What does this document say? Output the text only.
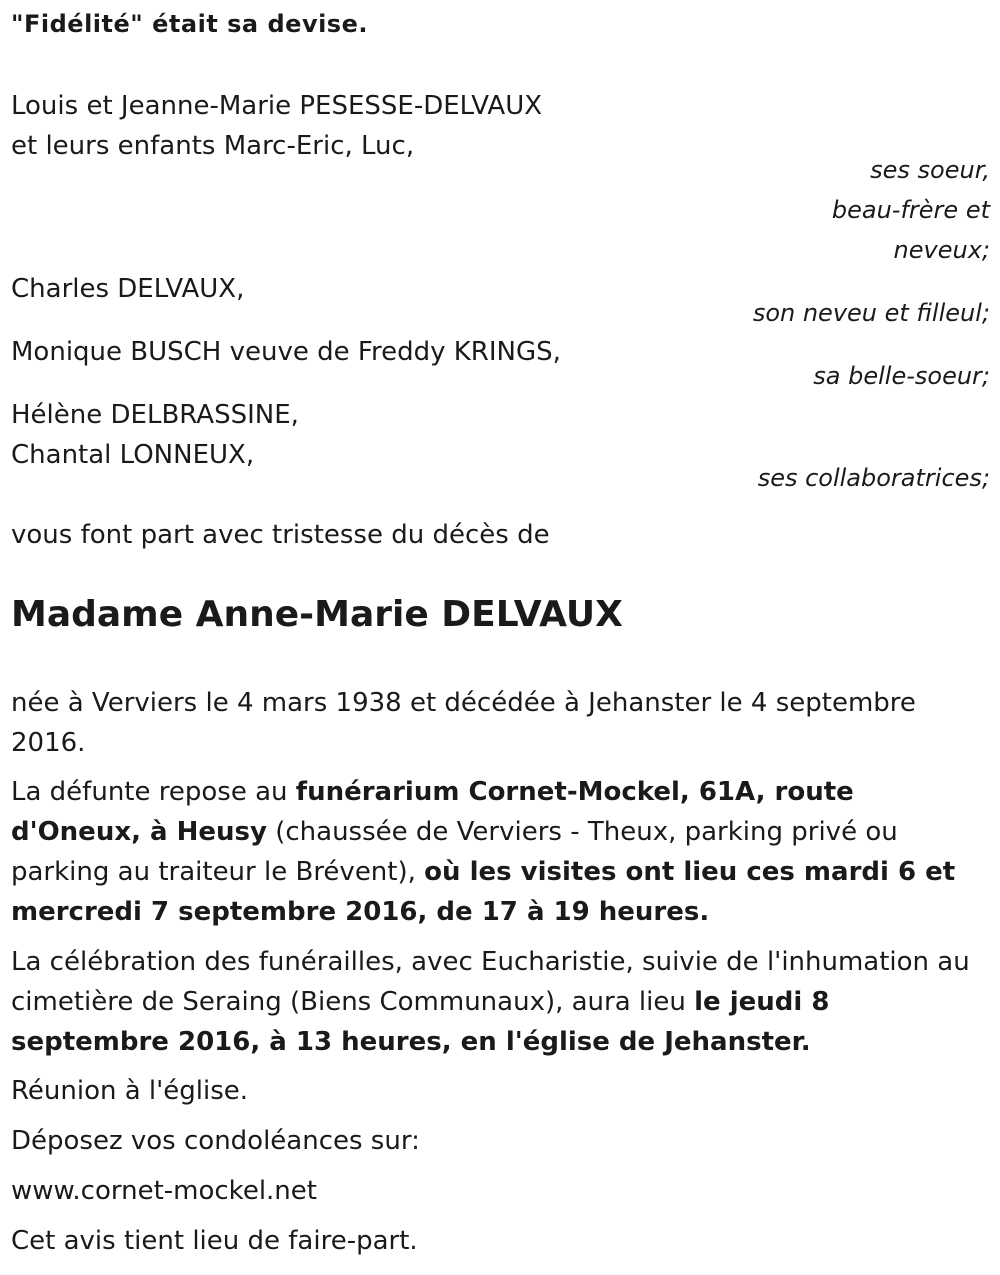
"Fidélité" était sa devise.
Louis et Jeanne-Marie PESESSE-DELVAUX
et leurs enfants Marc-Eric, Luc,
ses soeur,
beau-frère et
neveux;
Charles DELVAUX,
son neveu et filleul;
Monique BUSCH veuve de Freddy KRINGS,
sa belle-soeur;
Hélène DELBRASSINE,
Chantal LONNEUX,
ses collaboratrices;
vous font part avec tristesse du décès de
Madame Anne-Marie DELVAUX
née à Verviers le 4 mars 1938 et décédée à Jehanster le 4 septembre 2016.
La défunte repose au funérarium Cornet-Mockel, 61A, route d'Oneux, à Heusy (chaussée de Verviers - Theux, parking privé ou parking au traiteur le Brévent), où les visites ont lieu ces mardi 6 et mercredi 7 septembre 2016, de 17 à 19 heures.
La célébration des funérailles, avec Eucharistie, suivie de l'inhumation au cimetière de Seraing (Biens Communaux), aura lieu le jeudi 8 septembre 2016, à 13 heures, en l'église de Jehanster.
Réunion à l'église.
Déposez vos condoléances sur:
www.cornet-mockel.net
Cet avis tient lieu de faire-part.
